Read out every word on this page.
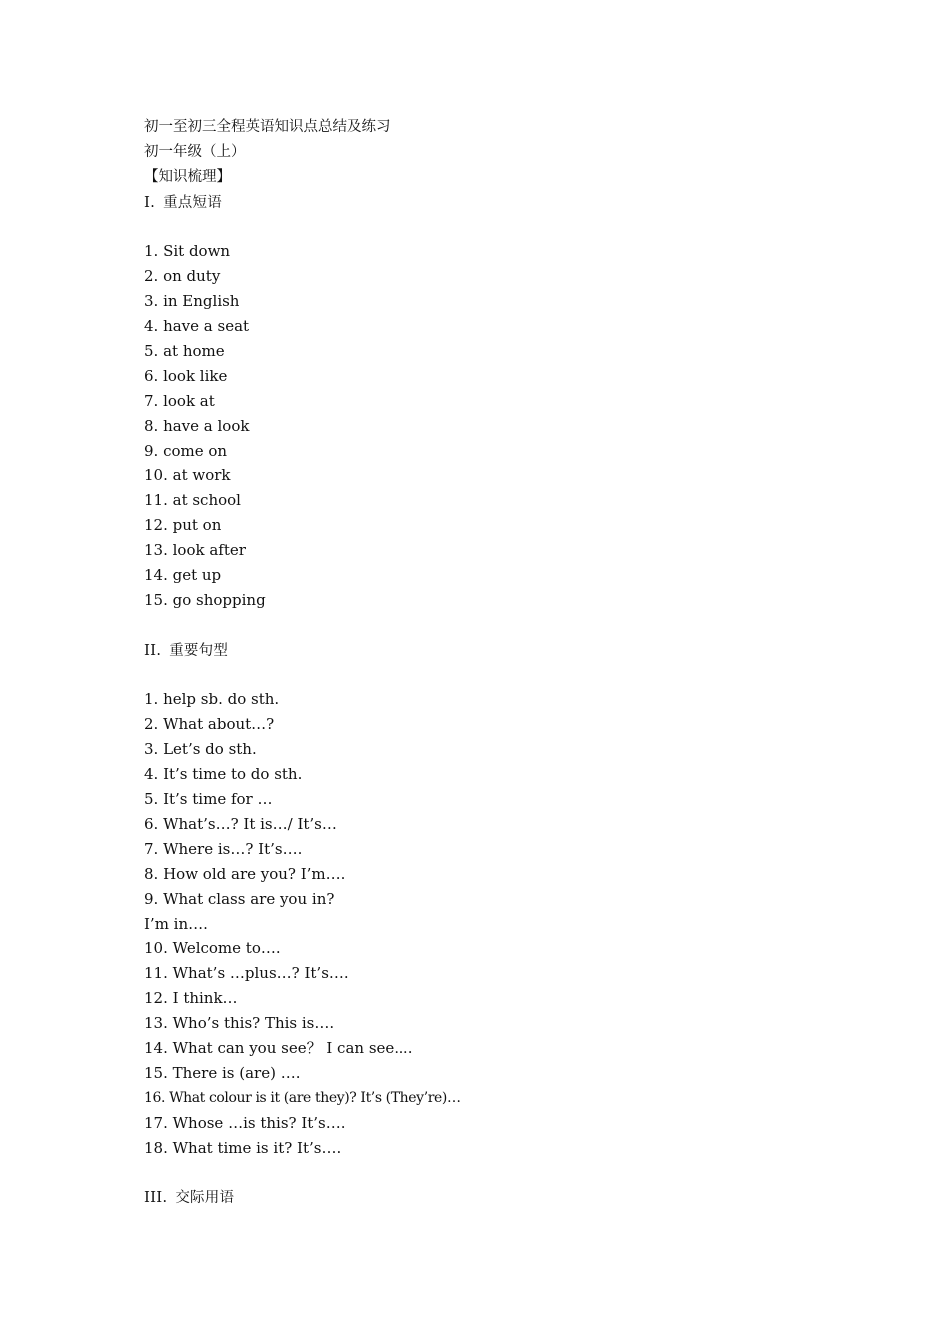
初一至初三全程英语知识点总结及练习
初一年级（上）
【知识梳理】
I. 重点短语
1. Sit down
2. on duty
3. in English
4. have a seat
5. at home
6. look like
7. look at
8. have a look
9. come on
10. at work
11. at school
12. put on
13. look after
14. get up
15. go shopping
II. 重要句型
1. help sb. do sth.
2. What about…?
3. Let’s do sth.
4. It’s time to do sth.
5. It’s time for …
6. What’s…? It is…/ It’s…
7. Where is…? It’s….
8. How old are you? I’m….
9. What class are you in?
I’m in….
10. Welcome to….
11. What’s …plus…? It’s….
12. I think…
13. Who’s this? This is….
14. What can you see？ I can see⋯.
15. There is (are) ….
16. What colour is it (are they)? It’s (They’re)…
17. Whose …is this? It’s….
18. What time is it? It’s….
III. 交际用语
